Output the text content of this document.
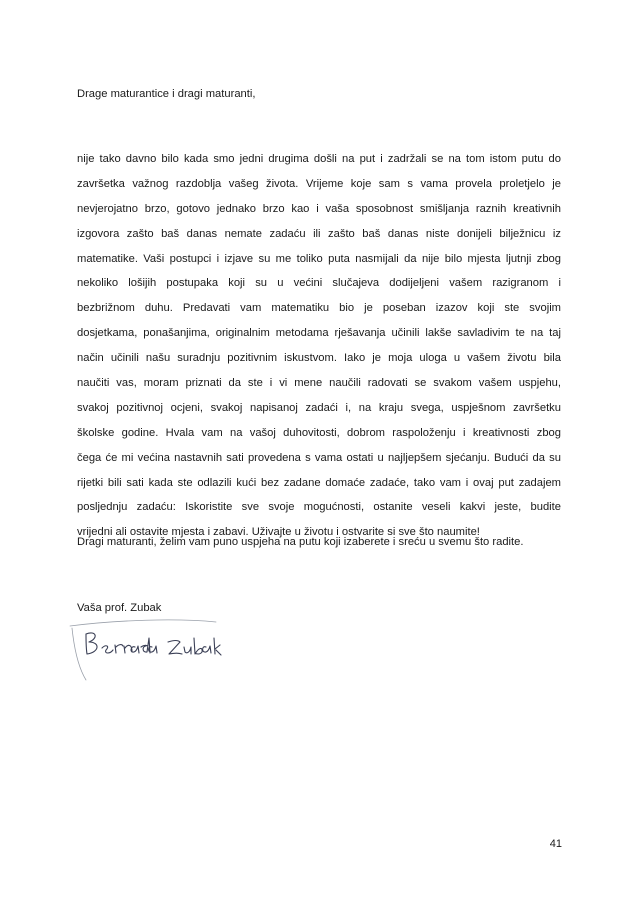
Drage maturantice i dragi maturanti,

nije tako davno bilo kada smo jedni drugima došli na put i zadržali se na tom istom putu do
završetka važnog razdoblja vašeg života. Vrijeme koje sam s vama provela proletjelo je
nevjerojatno brzo, gotovo jednako brzo kao i vaša sposobnost smišljanja raznih kreativnih
izgovora zašto baš danas nemate zadaću ili zašto baš danas niste donijeli bilježnicu iz
matematike. Vaši postupci i izjave su me toliko puta nasmijali da nije bilo mjesta ljutnji zbog
nekoliko lošijih postupaka koji su u većini slučajeva dodijeljeni vašem razigranom i
bezbrižnom duhu. Predavati vam matematiku bio je poseban izazov koji ste svojim
dosjetkama, ponašanjima, originalnim metodama rješavanja učinili lakše savladivim te na taj
način učinili našu suradnju pozitivnim iskustvom. Iako je moja uloga u vašem životu bila
naučiti vas, moram priznati da ste i vi mene naučili radovati se svakom vašem uspjehu,
svakoj pozitivnoj ocjeni, svakoj napisanoj zadaći i, na kraju svega, uspješnom završetku
školske godine. Hvala vam na vašoj duhovitosti, dobrom raspoloženju i kreativnosti zbog
čega će mi većina nastavnih sati provedena s vama ostati u najljepšem sjećanju. Budući da su
rijetki bili sati kada ste odlazili kući bez zadane domaće zadaće, tako vam i ovaj put zadajem
posljednju zadaću: Iskoristite sve svoje mogućnosti, ostanite veseli kakvi jeste, budite
vrijedni ali ostavite mjesta i zabavi. Uživajte u životu i ostvarite si sve što naumite!

Dragi maturanti, želim vam puno uspjeha na putu koji izaberete i sreću u svemu što radite.

Vaša prof. Zubak

41
